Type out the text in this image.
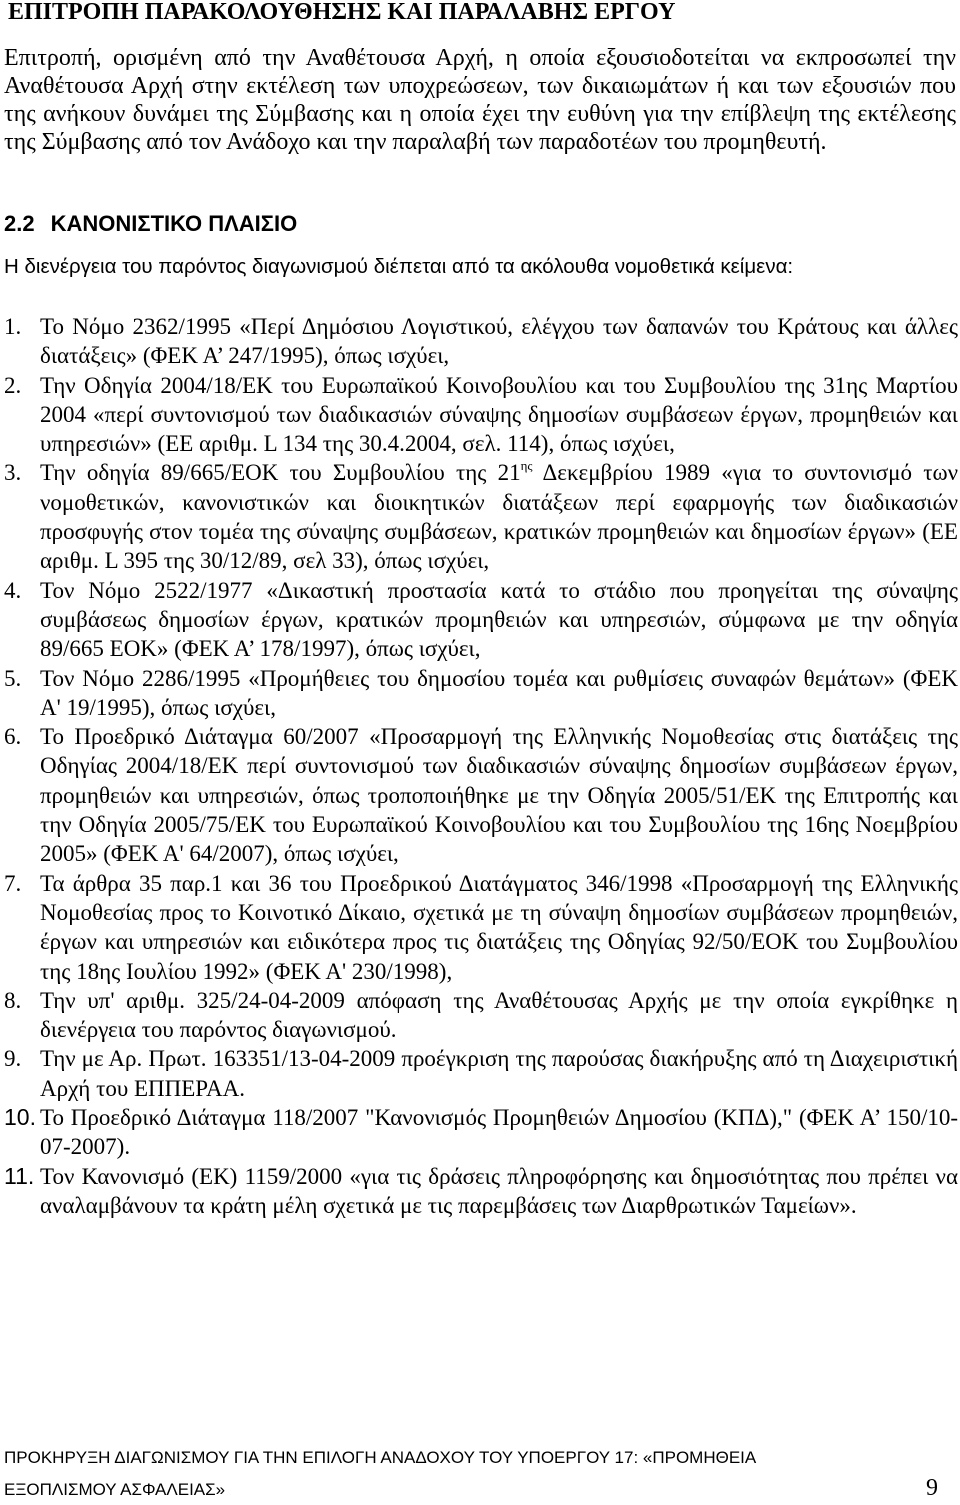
ΕΠΙΤΡΟΠΗ ΠΑΡΑΚΟΛΟΥΘΗΣΗΣ ΚΑΙ ΠΑΡΑΛΑΒΗΣ ΕΡΓΟΥ
Επιτροπή, ορισμένη από την Αναθέτουσα Αρχή, η οποία εξουσιοδοτείται να εκπροσωπεί την Αναθέτουσα Αρχή στην εκτέλεση των υποχρεώσεων, των δικαιωμάτων ή και των εξουσιών που της ανήκουν δυνάμει της Σύμβασης και η οποία έχει την ευθύνη για την επίβλεψη της εκτέλεσης της Σύμβασης από τον Ανάδοχο και την παραλαβή των παραδοτέων του προμηθευτή.
2.2 ΚΑΝΟΝΙΣΤΙΚΟ ΠΛΑΙΣΙΟ
Η διενέργεια του παρόντος διαγωνισμού διέπεται από τα ακόλουθα νομοθετικά κείμενα:
1. Το Νόμο 2362/1995 «Περί Δημόσιου Λογιστικού, ελέγχου των δαπανών του Κράτους και άλλες διατάξεις» (ΦΕΚ Α’ 247/1995), όπως ισχύει,
2. Την Οδηγία 2004/18/ΕΚ του Ευρωπαϊκού Κοινοβουλίου και του Συμβουλίου της 31ης Μαρτίου 2004 «περί συντονισμού των διαδικασιών σύναψης δημοσίων συμβάσεων έργων, προμηθειών και υπηρεσιών» (ΕΕ αριθμ. L 134 της 30.4.2004, σελ. 114), όπως ισχύει,
3. Την οδηγία 89/665/ΕΟΚ του Συμβουλίου της $21^{\eta\varsigma}$ Δεκεμβρίου 1989 «για το συντονισμό των νομοθετικών, κανονιστικών και διοικητικών διατάξεων περί εφαρμογής των διαδικασιών προσφυγής στον τομέα της σύναψης συμβάσεων, κρατικών προμηθειών και δημοσίων έργων» (ΕΕ αριθμ. L 395 της 30/12/89, σελ 33), όπως ισχύει,
4. Τον Νόμο 2522/1977 «Δικαστική προστασία κατά το στάδιο που προηγείται της σύναψης συμβάσεως δημοσίων έργων, κρατικών προμηθειών και υπηρεσιών, σύμφωνα με την οδηγία 89/665 ΕΟΚ» (ΦΕΚ Α’ 178/1997), όπως ισχύει,
5. Τον Νόμο 2286/1995 «Προμήθειες του δημοσίου τομέα και ρυθμίσεις συναφών θεμάτων» (ΦΕΚ Α' 19/1995), όπως ισχύει,
6. Το Προεδρικό Διάταγμα 60/2007 «Προσαρμογή της Ελληνικής Νομοθεσίας στις διατάξεις της Οδηγίας 2004/18/ΕΚ περί συντονισμού των διαδικασιών σύναψης δημοσίων συμβάσεων έργων, προμηθειών και υπηρεσιών, όπως τροποποιήθηκε με την Οδηγία 2005/51/ΕΚ της Επιτροπής και την Οδηγία 2005/75/ΕΚ του Ευρωπαϊκού Κοινοβουλίου και του Συμβουλίου της 16ης Νοεμβρίου 2005» (ΦΕΚ Α' 64/2007), όπως ισχύει,
7. Τα άρθρα 35 παρ.1 και 36 του Προεδρικού Διατάγματος 346/1998 «Προσαρμογή της Ελληνικής Νομοθεσίας προς το Κοινοτικό Δίκαιο, σχετικά με τη σύναψη δημοσίων συμβάσεων προμηθειών, έργων και υπηρεσιών και ειδικότερα προς τις διατάξεις της Οδηγίας 92/50/ΕΟΚ του Συμβουλίου της 18ης Ιουλίου 1992» (ΦΕΚ Α' 230/1998),
8. Την υπ' αριθμ. 325/24-04-2009 απόφαση της Αναθέτουσας Αρχής με την οποία εγκρίθηκε η διενέργεια του παρόντος διαγωνισμού.
9. Την με Αρ. Πρωτ. 163351/13-04-2009 προέγκριση της παρούσας διακήρυξης από τη Διαχειριστική Αρχή του ΕΠΠΕΡΑΑ.
10. Το Προεδρικό Διάταγμα 118/2007 "Κανονισμός Προμηθειών Δημοσίου (ΚΠΔ)," (ΦΕΚ Α’ 150/10-07-2007).
11. Τον Κανονισμό (ΕΚ) 1159/2000 «για τις δράσεις πληροφόρησης και δημοσιότητας που πρέπει να αναλαμβάνουν τα κράτη μέλη σχετικά με τις παρεμβάσεις των Διαρθρωτικών Ταμείων».
ΠΡΟΚΗΡΥΞΗ ΔΙΑΓΩΝΙΣΜΟΥ ΓΙΑ ΤΗΝ ΕΠΙΛΟΓΗ ΑΝΑΔΟΧΟΥ ΤΟΥ ΥΠΟΕΡΓΟΥ 17: «ΠΡΟΜΗΘΕΙΑ
ΕΞΟΠΛΙΣΜΟΥ ΑΣΦΑΛΕΙΑΣ»	9
